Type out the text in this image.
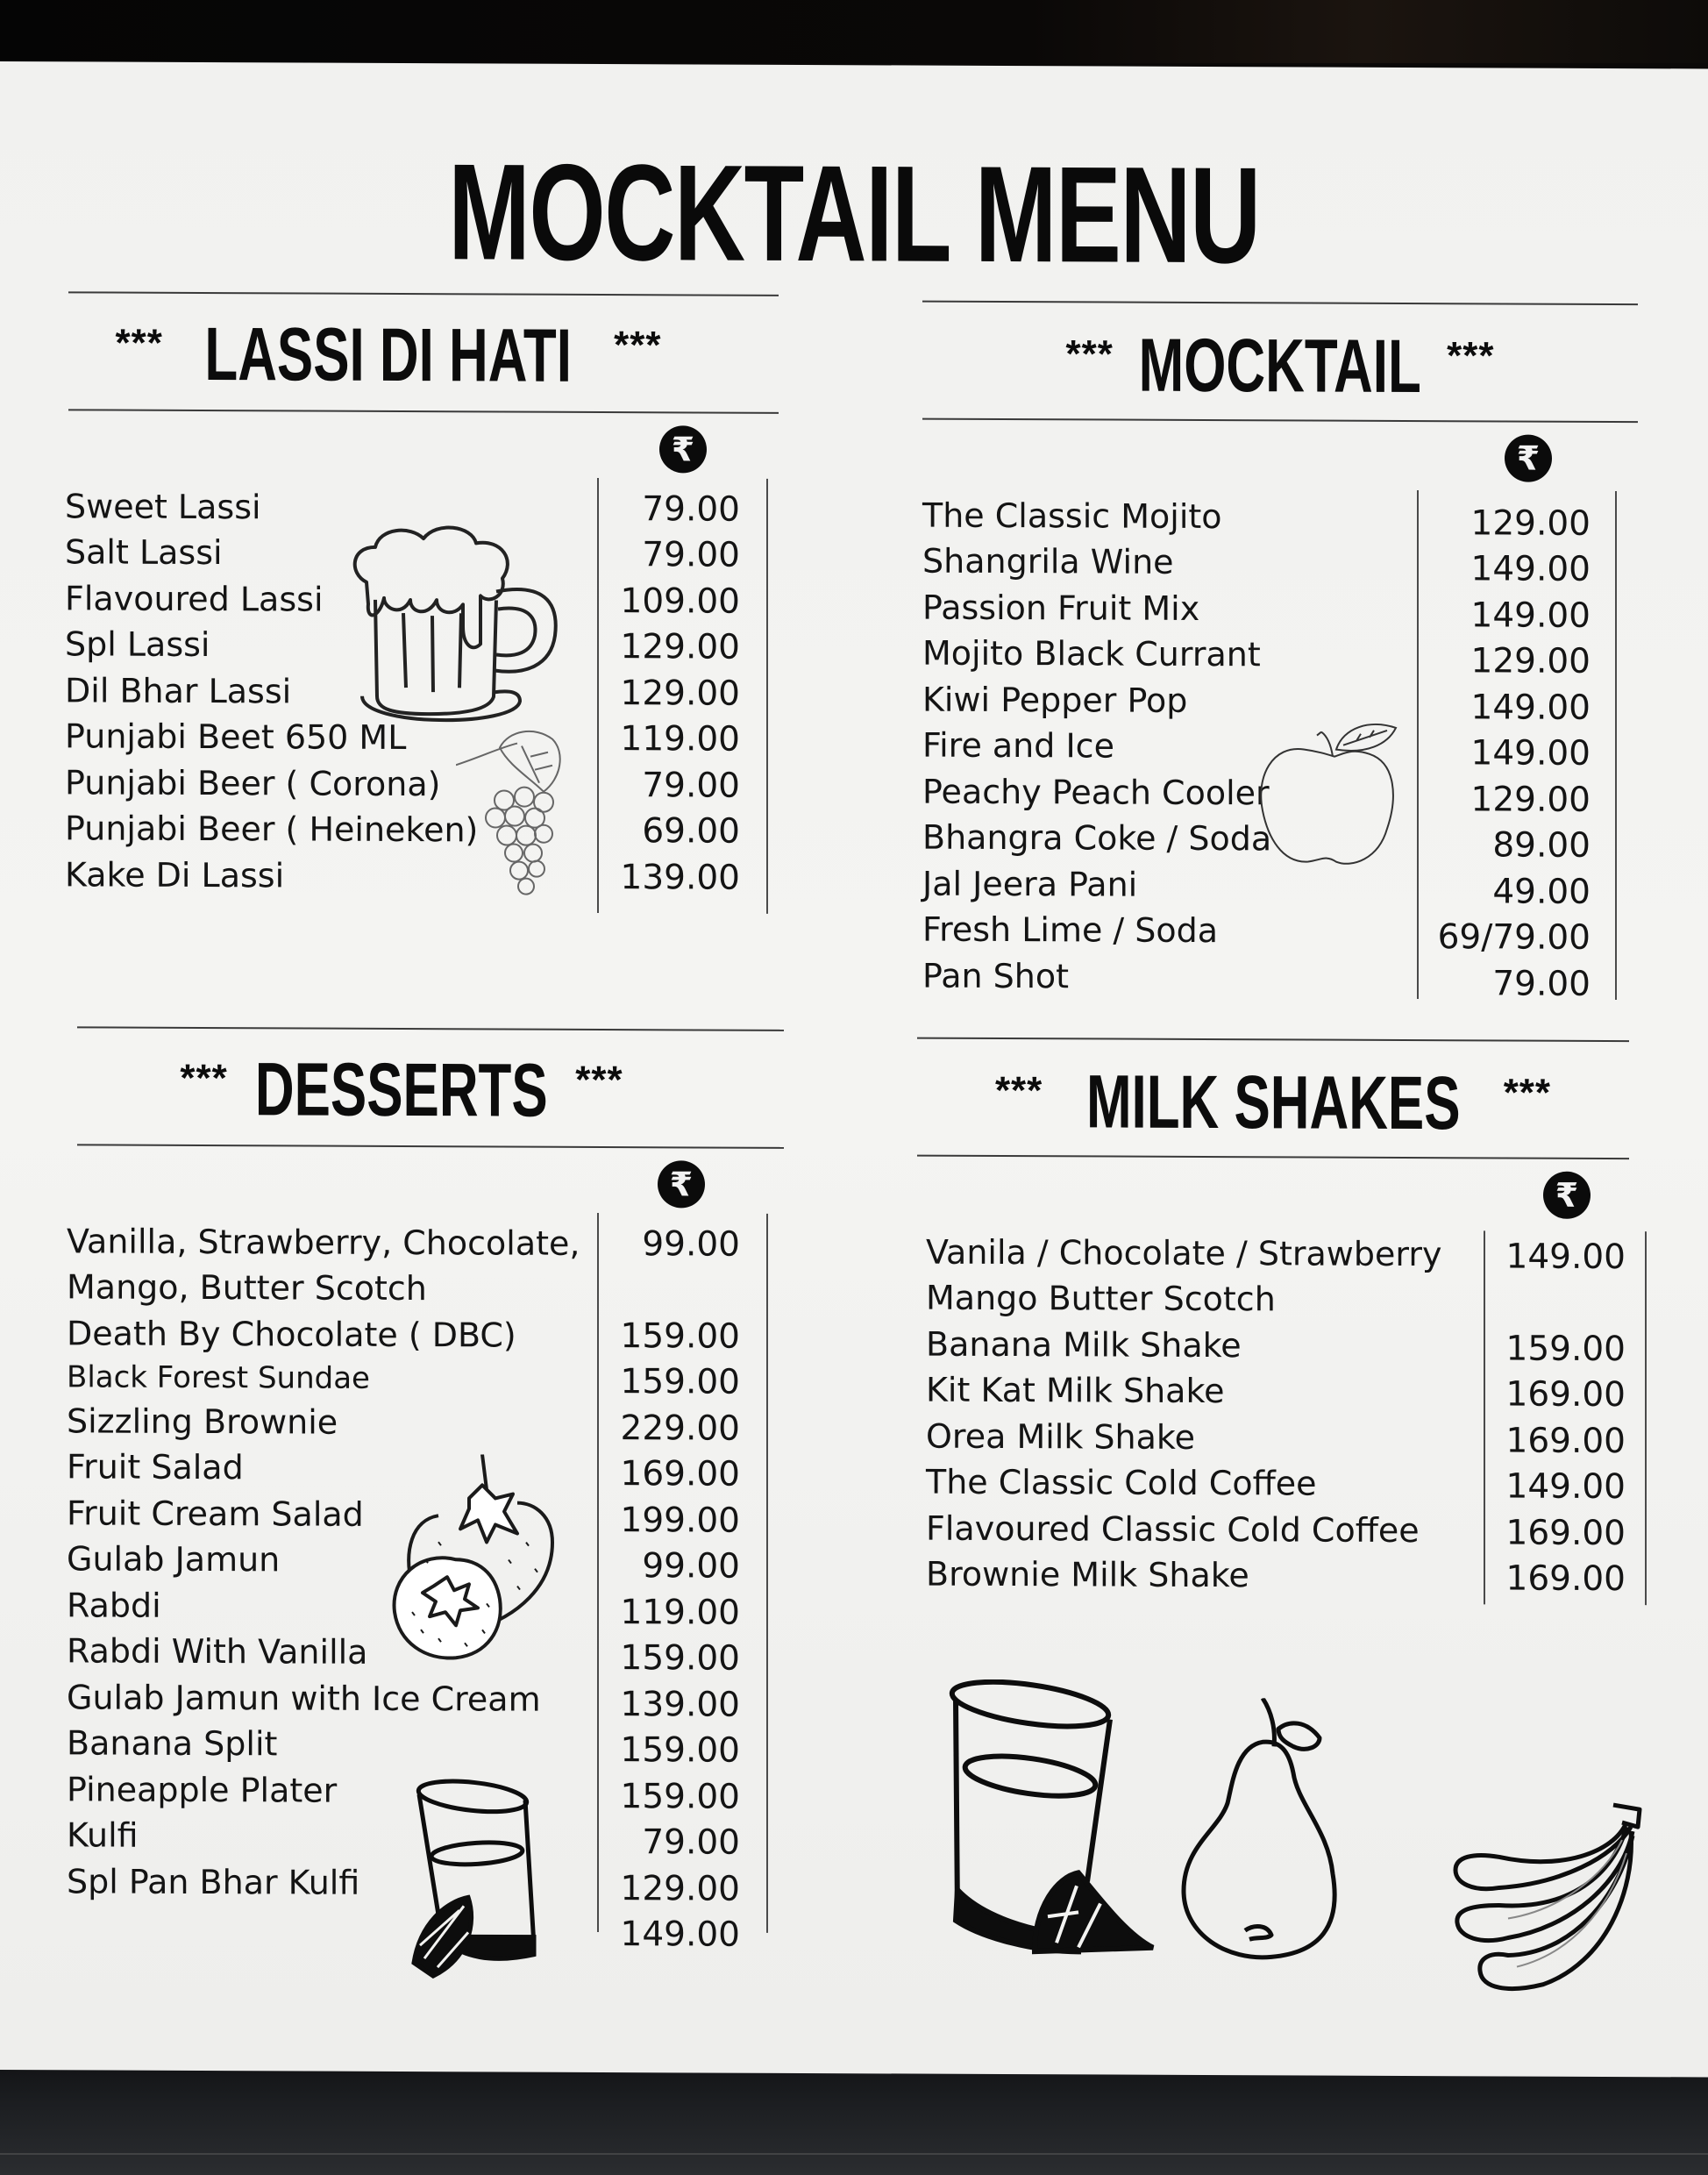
MOCKTAIL MENU
*** LASSI DI HATI ***
₹
Sweet Lassi
Salt Lassi
Flavoured Lassi
Spl Lassi
Dil Bhar Lassi
Punjabi Beet 650 ML
Punjabi Beer ( Corona)
Punjabi Beer ( Heineken)
Kake Di Lassi
79.00
79.00
109.00
129.00
129.00
119.00
79.00
69.00
139.00
*** MOCKTAIL ***
₹
The Classic Mojito
Shangrila Wine
Passion Fruit Mix
Mojito Black Currant
Kiwi Pepper Pop
Fire and Ice
Peachy Peach Cooler
Bhangra Coke / Soda
Jal Jeera Pani
Fresh Lime / Soda
Pan Shot
129.00
149.00
149.00
129.00
149.00
149.00
129.00
89.00
49.00
69/79.00
79.00
*** DESSERTS ***
₹
Vanilla, Strawberry, Chocolate,
Mango, Butter Scotch
Death By Chocolate ( DBC)
Black Forest Sundae
Sizzling Brownie
Fruit Salad
Fruit Cream Salad
Gulab Jamun
Rabdi
Rabdi With Vanilla
Gulab Jamun with Ice Cream
Banana Split
Pineapple Plater
Kulfi
Spl Pan Bhar Kulfi
99.00
159.00
159.00
229.00
169.00
199.00
99.00
119.00
159.00
139.00
159.00
159.00
79.00
129.00
149.00
*** MILK SHAKES ***
₹
Vanila / Chocolate / Strawberry
Mango Butter Scotch
Banana Milk Shake
Kit Kat Milk Shake
Orea Milk Shake
The Classic Cold Coffee
Flavoured Classic Cold Coffee
Brownie Milk Shake
149.00
159.00
169.00
169.00
149.00
169.00
169.00
